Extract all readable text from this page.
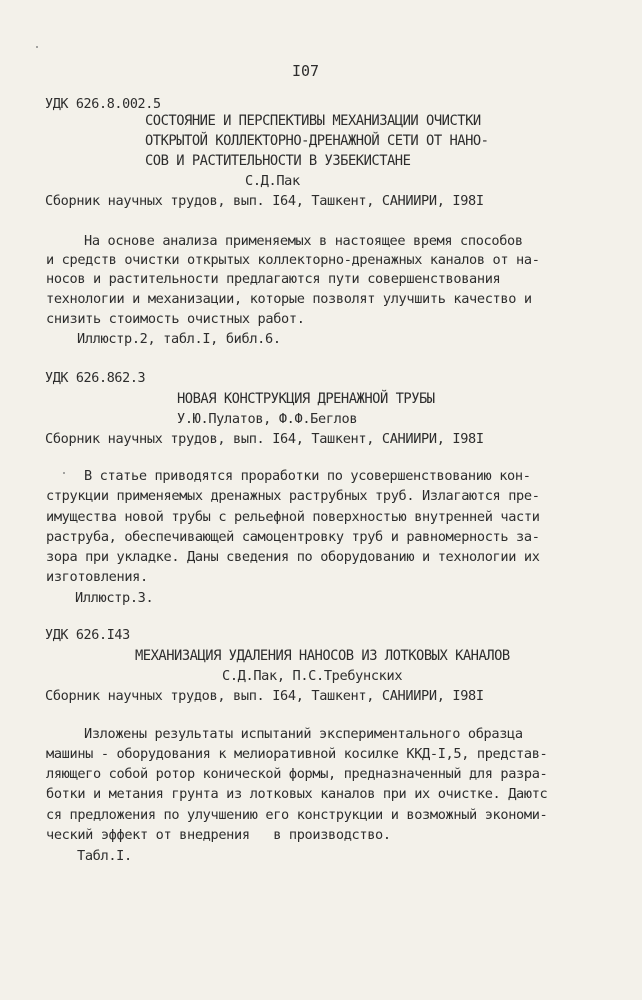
I07
УДК 626.8.002.5
СОСТОЯНИЕ И ПЕРСПЕКТИВЫ МЕХАНИЗАЦИИ ОЧИСТКИ
ОТКРЫТОЙ КОЛЛЕКТОРНО-ДРЕНАЖНОЙ СЕТИ ОТ НАНО-
СОВ И РАСТИТЕЛЬНОСТИ В УЗБЕКИСТАНЕ
С.Д.Пак
Сборник научных трудов, вып. I64, Ташкент, САНИИРИ, I98I
На основе анализа применяемых в настоящее время способов
и средств очистки открытых коллекторно-дренажных каналов от на-
носов и растительности предлагаются пути совершенствования
технологии и механизации, которые позволят улучшить качество и
снизить стоимость очистных работ.
Иллюстр.2, табл.I, библ.6.
УДК 626.862.3
НОВАЯ КОНСТРУКЦИЯ ДРЕНАЖНОЙ ТРУБЫ
У.Ю.Пулатов, Ф.Ф.Беглов
Сборник научных трудов, вып. I64, Ташкент, САНИИРИ, I98I
В статье приводятся проработки по усовершенствованию кон-
струкции применяемых дренажных раструбных труб. Излагаются пре-
имущества новой трубы с рельефной поверхностью внутренней части
раструба, обеспечивающей самоцентровку труб и равномерность за-
зора при укладке. Даны сведения по оборудованию и технологии их
изготовления.
Иллюстр.3.
УДК 626.I43
МЕХАНИЗАЦИЯ УДАЛЕНИЯ НАНОСОВ ИЗ ЛОТКОВЫХ КАНАЛОВ
С.Д.Пак, П.С.Требунских
Сборник научных трудов, вып. I64, Ташкент, САНИИРИ, I98I
Изложены результаты испытаний экспериментального образца
машины - оборудования к мелиоративной косилке ККД-I,5, представ-
ляющего собой ротор конической формы, предназначенный для разра-
ботки и метания грунта из лотковых каналов при их очистке. Даютс
ся предложения по улучшению его конструкции и возможный экономи-
ческий эффект от внедрения   в производство.
Табл.I.
